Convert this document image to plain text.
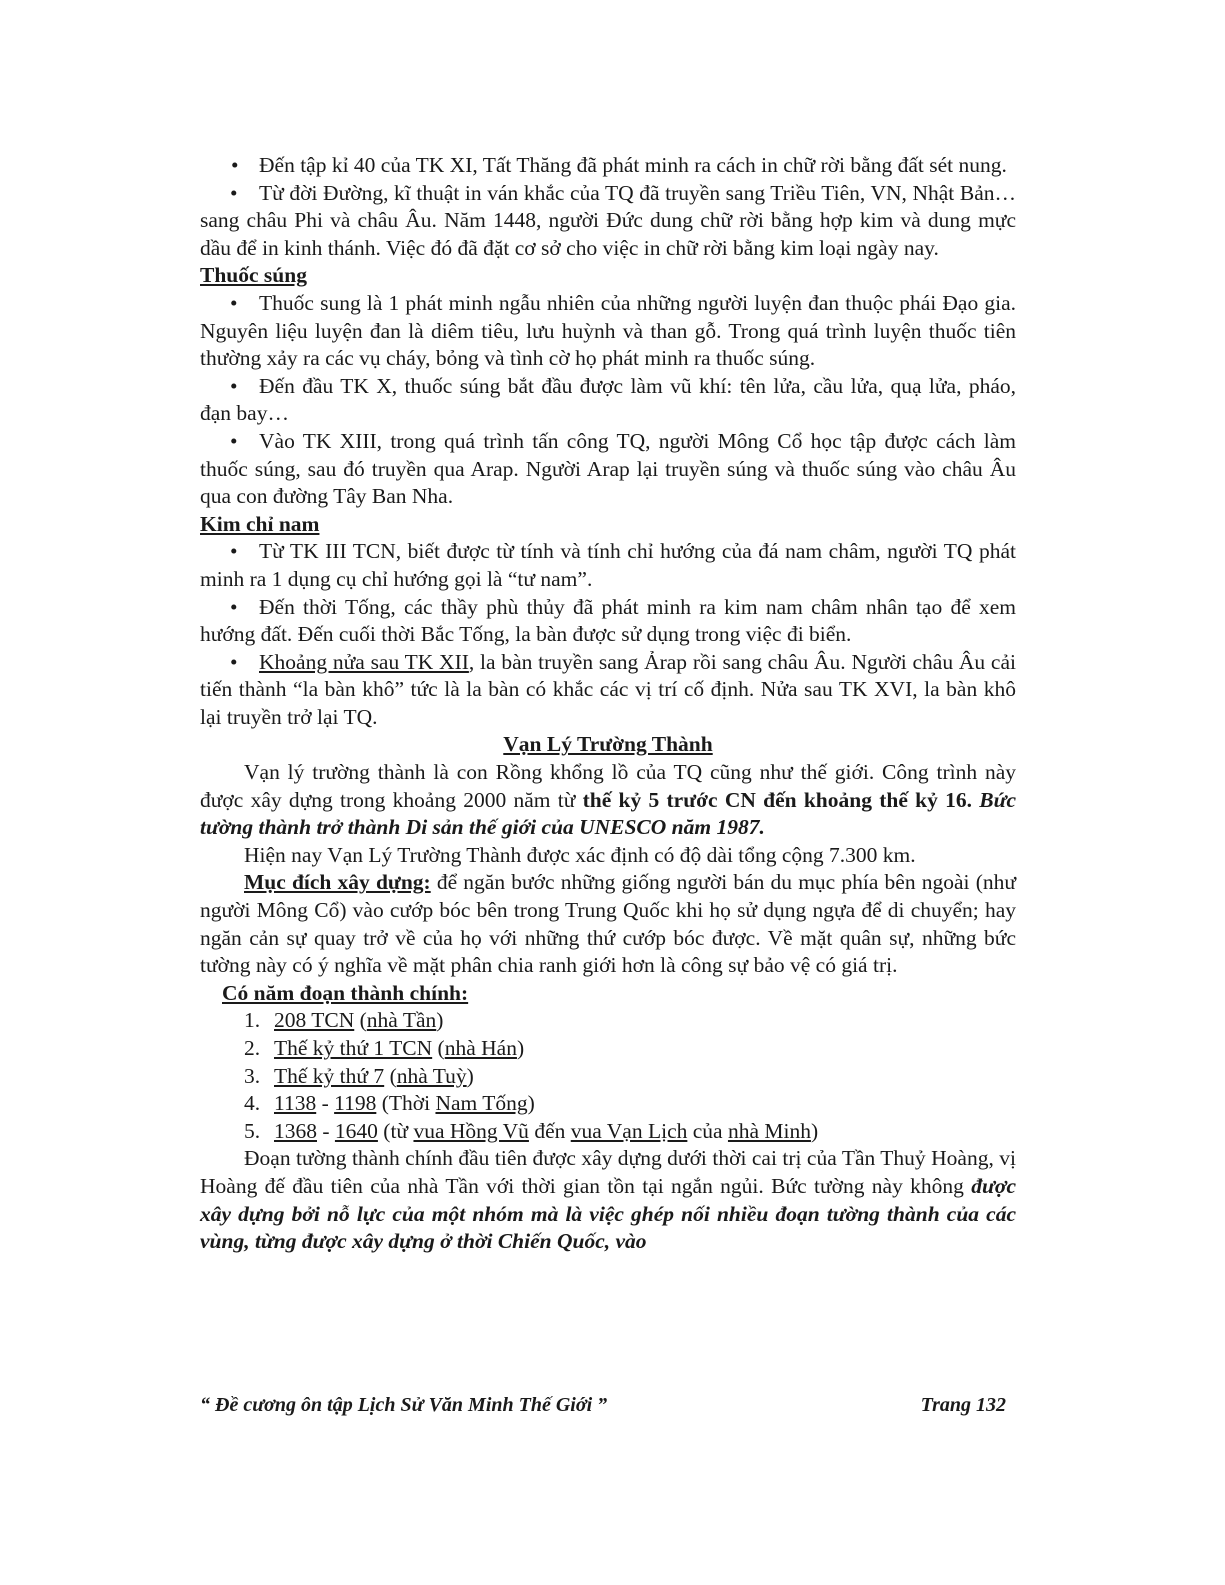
• Đến tập kỉ 40 của TK XI, Tất Thăng đã phát minh ra cách in chữ rời bằng đất sét nung.

• Từ đời Đường, kĩ thuật in ván khắc của TQ đã truyền sang Triều Tiên, VN, Nhật Bản… sang châu Phi và châu Âu. Năm 1448, người Đức dung chữ rời bằng hợp kim và dung mực dầu để in kinh thánh. Việc đó đã đặt cơ sở cho việc in chữ rời bằng kim loại ngày nay.

Thuốc súng

• Thuốc sung là 1 phát minh ngẫu nhiên của những người luyện đan thuộc phái Đạo gia. Nguyên liệu luyện đan là diêm tiêu, lưu huỳnh và than gỗ. Trong quá trình luyện thuốc tiên thường xảy ra các vụ cháy, bỏng và tình cờ họ phát minh ra thuốc súng.

• Đến đầu TK X, thuốc súng bắt đầu được làm vũ khí: tên lửa, cầu lửa, quạ lửa, pháo, đạn bay…

• Vào TK XIII, trong quá trình tấn công TQ, người Mông Cổ học tập được cách làm thuốc súng, sau đó truyền qua Arap. Người Arap lại truyền súng và thuốc súng vào châu Âu qua con đường Tây Ban Nha.

Kim chỉ nam

• Từ TK III TCN, biết được từ tính và tính chỉ hướng của đá nam châm, người TQ phát minh ra 1 dụng cụ chỉ hướng gọi là “tư nam”.

• Đến thời Tống, các thầy phù thủy đã phát minh ra kim nam châm nhân tạo để xem hướng đất. Đến cuối thời Bắc Tống, la bàn được sử dụng trong việc đi biển.

• Khoảng nửa sau TK XII, la bàn truyền sang Ảrap rồi sang châu Âu. Người châu Âu cải tiến thành “la bàn khô” tức là la bàn có khắc các vị trí cố định. Nửa sau TK XVI, la bàn khô lại truyền trở lại TQ.

Vạn Lý Trường Thành

Vạn lý trường thành là con Rồng khổng lồ của TQ cũng như thế giới. Công trình này được xây dựng trong khoảng 2000 năm từ thế kỷ 5 trước CN đến khoảng thế kỷ 16. Bức tường thành trở thành Di sản thế giới của UNESCO năm 1987.

Hiện nay Vạn Lý Trường Thành được xác định có độ dài tổng cộng 7.300 km.

Mục đích xây dựng: để ngăn bước những giống người bán du mục phía bên ngoài (như người Mông Cổ) vào cướp bóc bên trong Trung Quốc khi họ sử dụng ngựa để di chuyển; hay ngăn cản sự quay trở về của họ với những thứ cướp bóc được. Về mặt quân sự, những bức tường này có ý nghĩa về mặt phân chia ranh giới hơn là công sự bảo vệ có giá trị.

Có năm đoạn thành chính:

1. 208 TCN (nhà Tần)

2. Thế kỷ thứ 1 TCN (nhà Hán)

3. Thế kỷ thứ 7 (nhà Tuỳ)

4. 1138 - 1198 (Thời Nam Tống)

5. 1368 - 1640 (từ vua Hồng Vũ đến vua Vạn Lịch của nhà Minh)

Đoạn tường thành chính đầu tiên được xây dựng dưới thời cai trị của Tần Thuỷ Hoàng, vị Hoàng đế đầu tiên của nhà Tần với thời gian tồn tại ngắn ngủi. Bức tường này không được xây dựng bởi nỗ lực của một nhóm mà là việc ghép nối nhiều đoạn tường thành của các vùng, từng được xây dựng ở thời Chiến Quốc, vào

“ Đề cương ôn tập Lịch Sử Văn Minh Thế Giới ”	Trang 132
